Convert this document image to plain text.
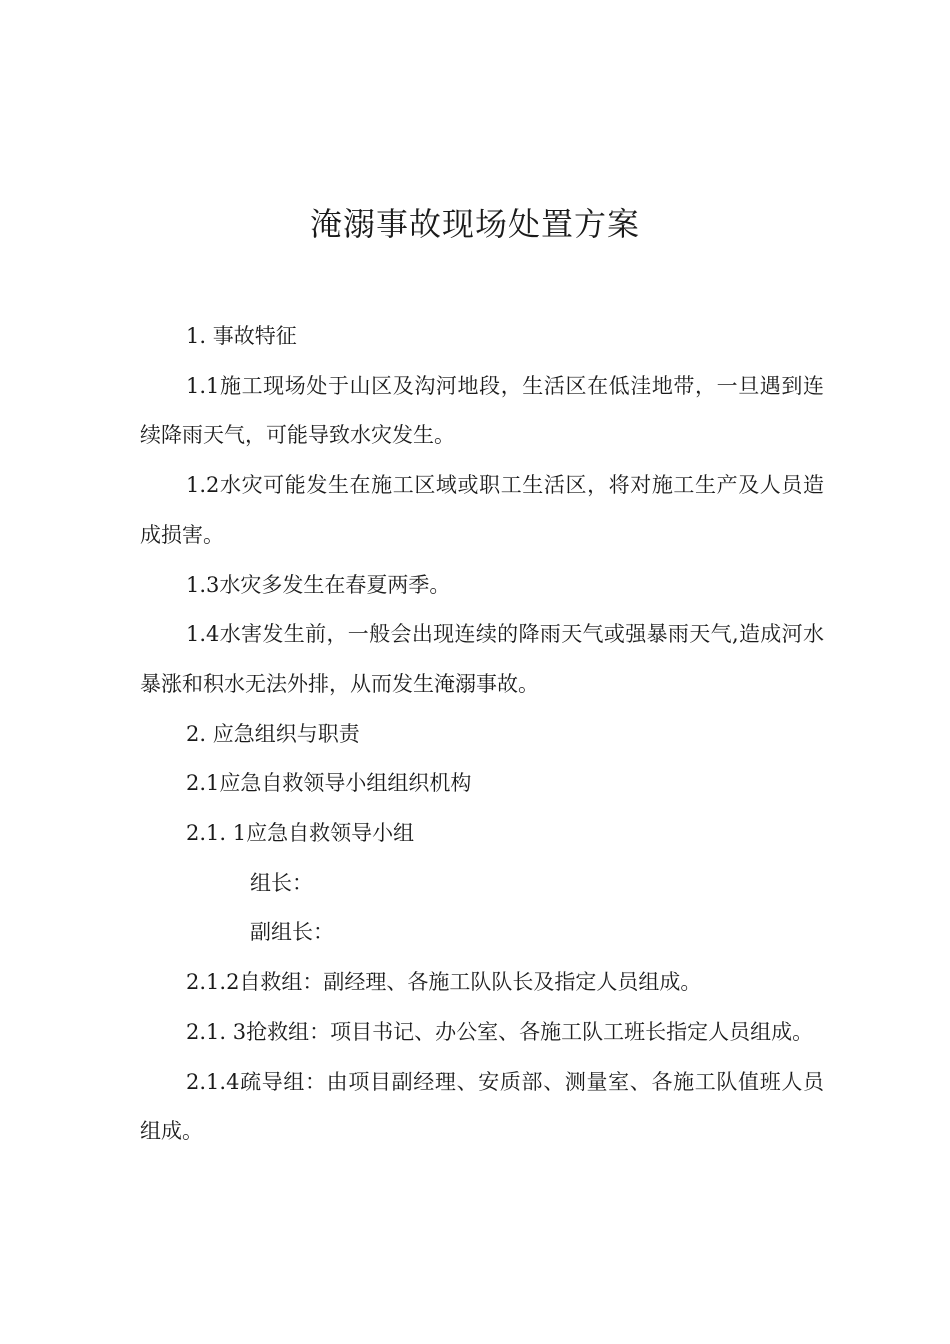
淹溺事故现场处置方案

1. 事故特征

1.1施工现场处于山区及沟河地段，生活区在低洼地带，一旦遇到连续降雨天气，可能导致水灾发生。

1.2水灾可能发生在施工区域或职工生活区，将对施工生产及人员造成损害。

1.3水灾多发生在春夏两季。

1.4水害发生前，一般会出现连续的降雨天气或强暴雨天气,造成河水暴涨和积水无法外排，从而发生淹溺事故。

2. 应急组织与职责

2.1应急自救领导小组组织机构

2.1. 1应急自救领导小组

组长：

副组长：

2.1.2自救组：副经理、各施工队队长及指定人员组成。

2.1. 3抢救组：项目书记、办公室、各施工队工班长指定人员组成。

2.1.4疏导组：由项目副经理、安质部、测量室、各施工队值班人员组成。
